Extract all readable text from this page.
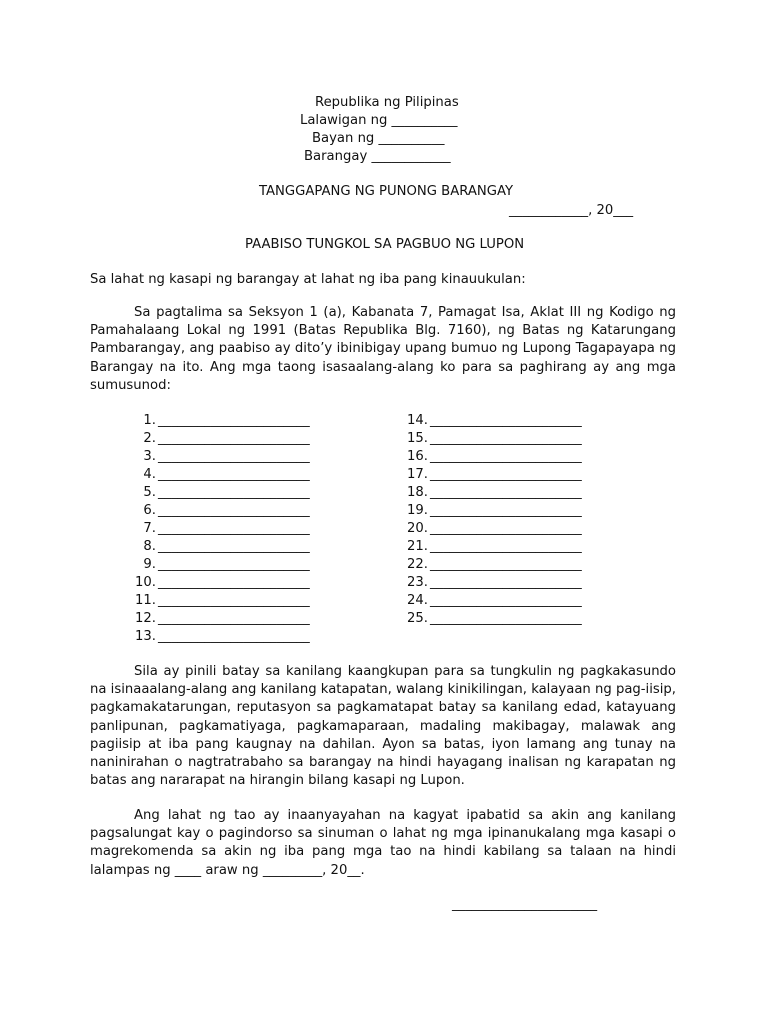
Republika ng Pilipinas
Lalawigan ng __________
Bayan ng __________
Barangay ____________
TANGGAPANG NG PUNONG BARANGAY
____________, 20___
PAABISO TUNGKOL SA PAGBUO NG LUPON
Sa lahat ng kasapi ng barangay at lahat ng iba pang kinauukulan:
Sa pagtalima sa Seksyon 1 (a), Kabanata 7, Pamagat Isa, Aklat III ng Kodigo ng Pamahalaang Lokal ng 1991 (Batas Republika Blg. 7160), ng Batas ng Katarungang Pambarangay, ang paabiso ay dito’y ibinibigay upang bumuo ng Lupong Tagapayapa ng Barangay na ito. Ang mga taong isasaalang-alang ko para sa paghirang ay ang mga sumusunod:
1. _______________________
2. _______________________
3. _______________________
4. _______________________
5. _______________________
6. _______________________
7. _______________________
8. _______________________
9. _______________________
10. _______________________
11. _______________________
12. _______________________
13. _______________________
14. _______________________
15. _______________________
16. _______________________
17. _______________________
18. _______________________
19. _______________________
20. _______________________
21. _______________________
22. _______________________
23. _______________________
24. _______________________
25. _______________________
Sila ay pinili batay sa kanilang kaangkupan para sa tungkulin ng pagkakasundo na isinaaalang-alang ang kanilang katapatan, walang kinikilingan, kalayaan ng pag-iisip, pagkamakatarungan, reputasyon sa pagkamatapat batay sa kanilang edad, katayuang panlipunan, pagkamatiyaga, pagkamaparaan, madaling makibagay, malawak ang pagiisip at iba pang kaugnay na dahilan. Ayon sa batas, iyon lamang ang tunay na naninirahan o nagtratrabaho sa barangay na hindi hayagang inalisan ng karapatan ng batas ang nararapat na hirangin bilang kasapi ng Lupon.
Ang lahat ng tao ay inaanyayahan na kagyat ipabatid sa akin ang kanilang pagsalungat kay o pagindorso sa sinuman o lahat ng mga ipinanukalang mga kasapi o magrekomenda sa akin ng iba pang mga tao na hindi kabilang sa talaan na hindi lalampas ng ____ araw ng _________, 20__.
______________________
